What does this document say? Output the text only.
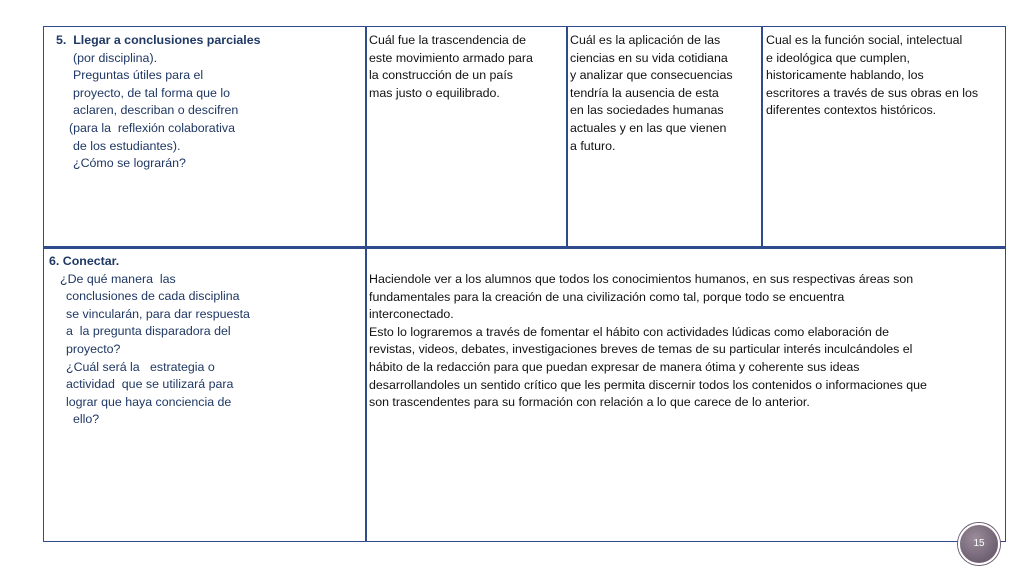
5.  Llegar a conclusiones parciales
(por disciplina).
Preguntas útiles para el
proyecto, de tal forma que lo
aclaren, describan o descifren
(para la  reflexión colaborativa
de los estudiantes).
¿Cómo se lograrán?
Cuál fue la trascendencia de
este movimiento armado para
la construcción de un país
mas justo o equilibrado.
Cuál es la aplicación de las
ciencias en su vida cotidiana
y analizar que consecuencias
tendría la ausencia de esta
en las sociedades humanas
actuales y en las que vienen
a futuro.
Cual es la función social, intelectual
e ideológica que cumplen,
historicamente hablando, los
escritores a través de sus obras en los
diferentes contextos históricos.
6. Conectar.
¿De qué manera  las
conclusiones de cada disciplina
se vincularán, para dar respuesta
a  la pregunta disparadora del
proyecto?
¿Cuál será la   estrategia o
actividad  que se utilizará para
lograr que haya conciencia de
ello?
Haciendole ver a los alumnos que todos los conocimientos humanos, en sus respectivas áreas son
fundamentales para la creación de una civilización como tal, porque todo se encuentra
interconectado.
Esto lo lograremos a través de fomentar el hábito con actividades lúdicas como elaboración de
revistas, videos, debates, investigaciones breves de temas de su particular interés inculcándoles el
hábito de la redacción para que puedan expresar de manera ótima y coherente sus ideas
desarrollandoles un sentido crítico que les permita discernir todos los contenidos o informaciones que
son trascendentes para su formación con relación a lo que carece de lo anterior.
15
